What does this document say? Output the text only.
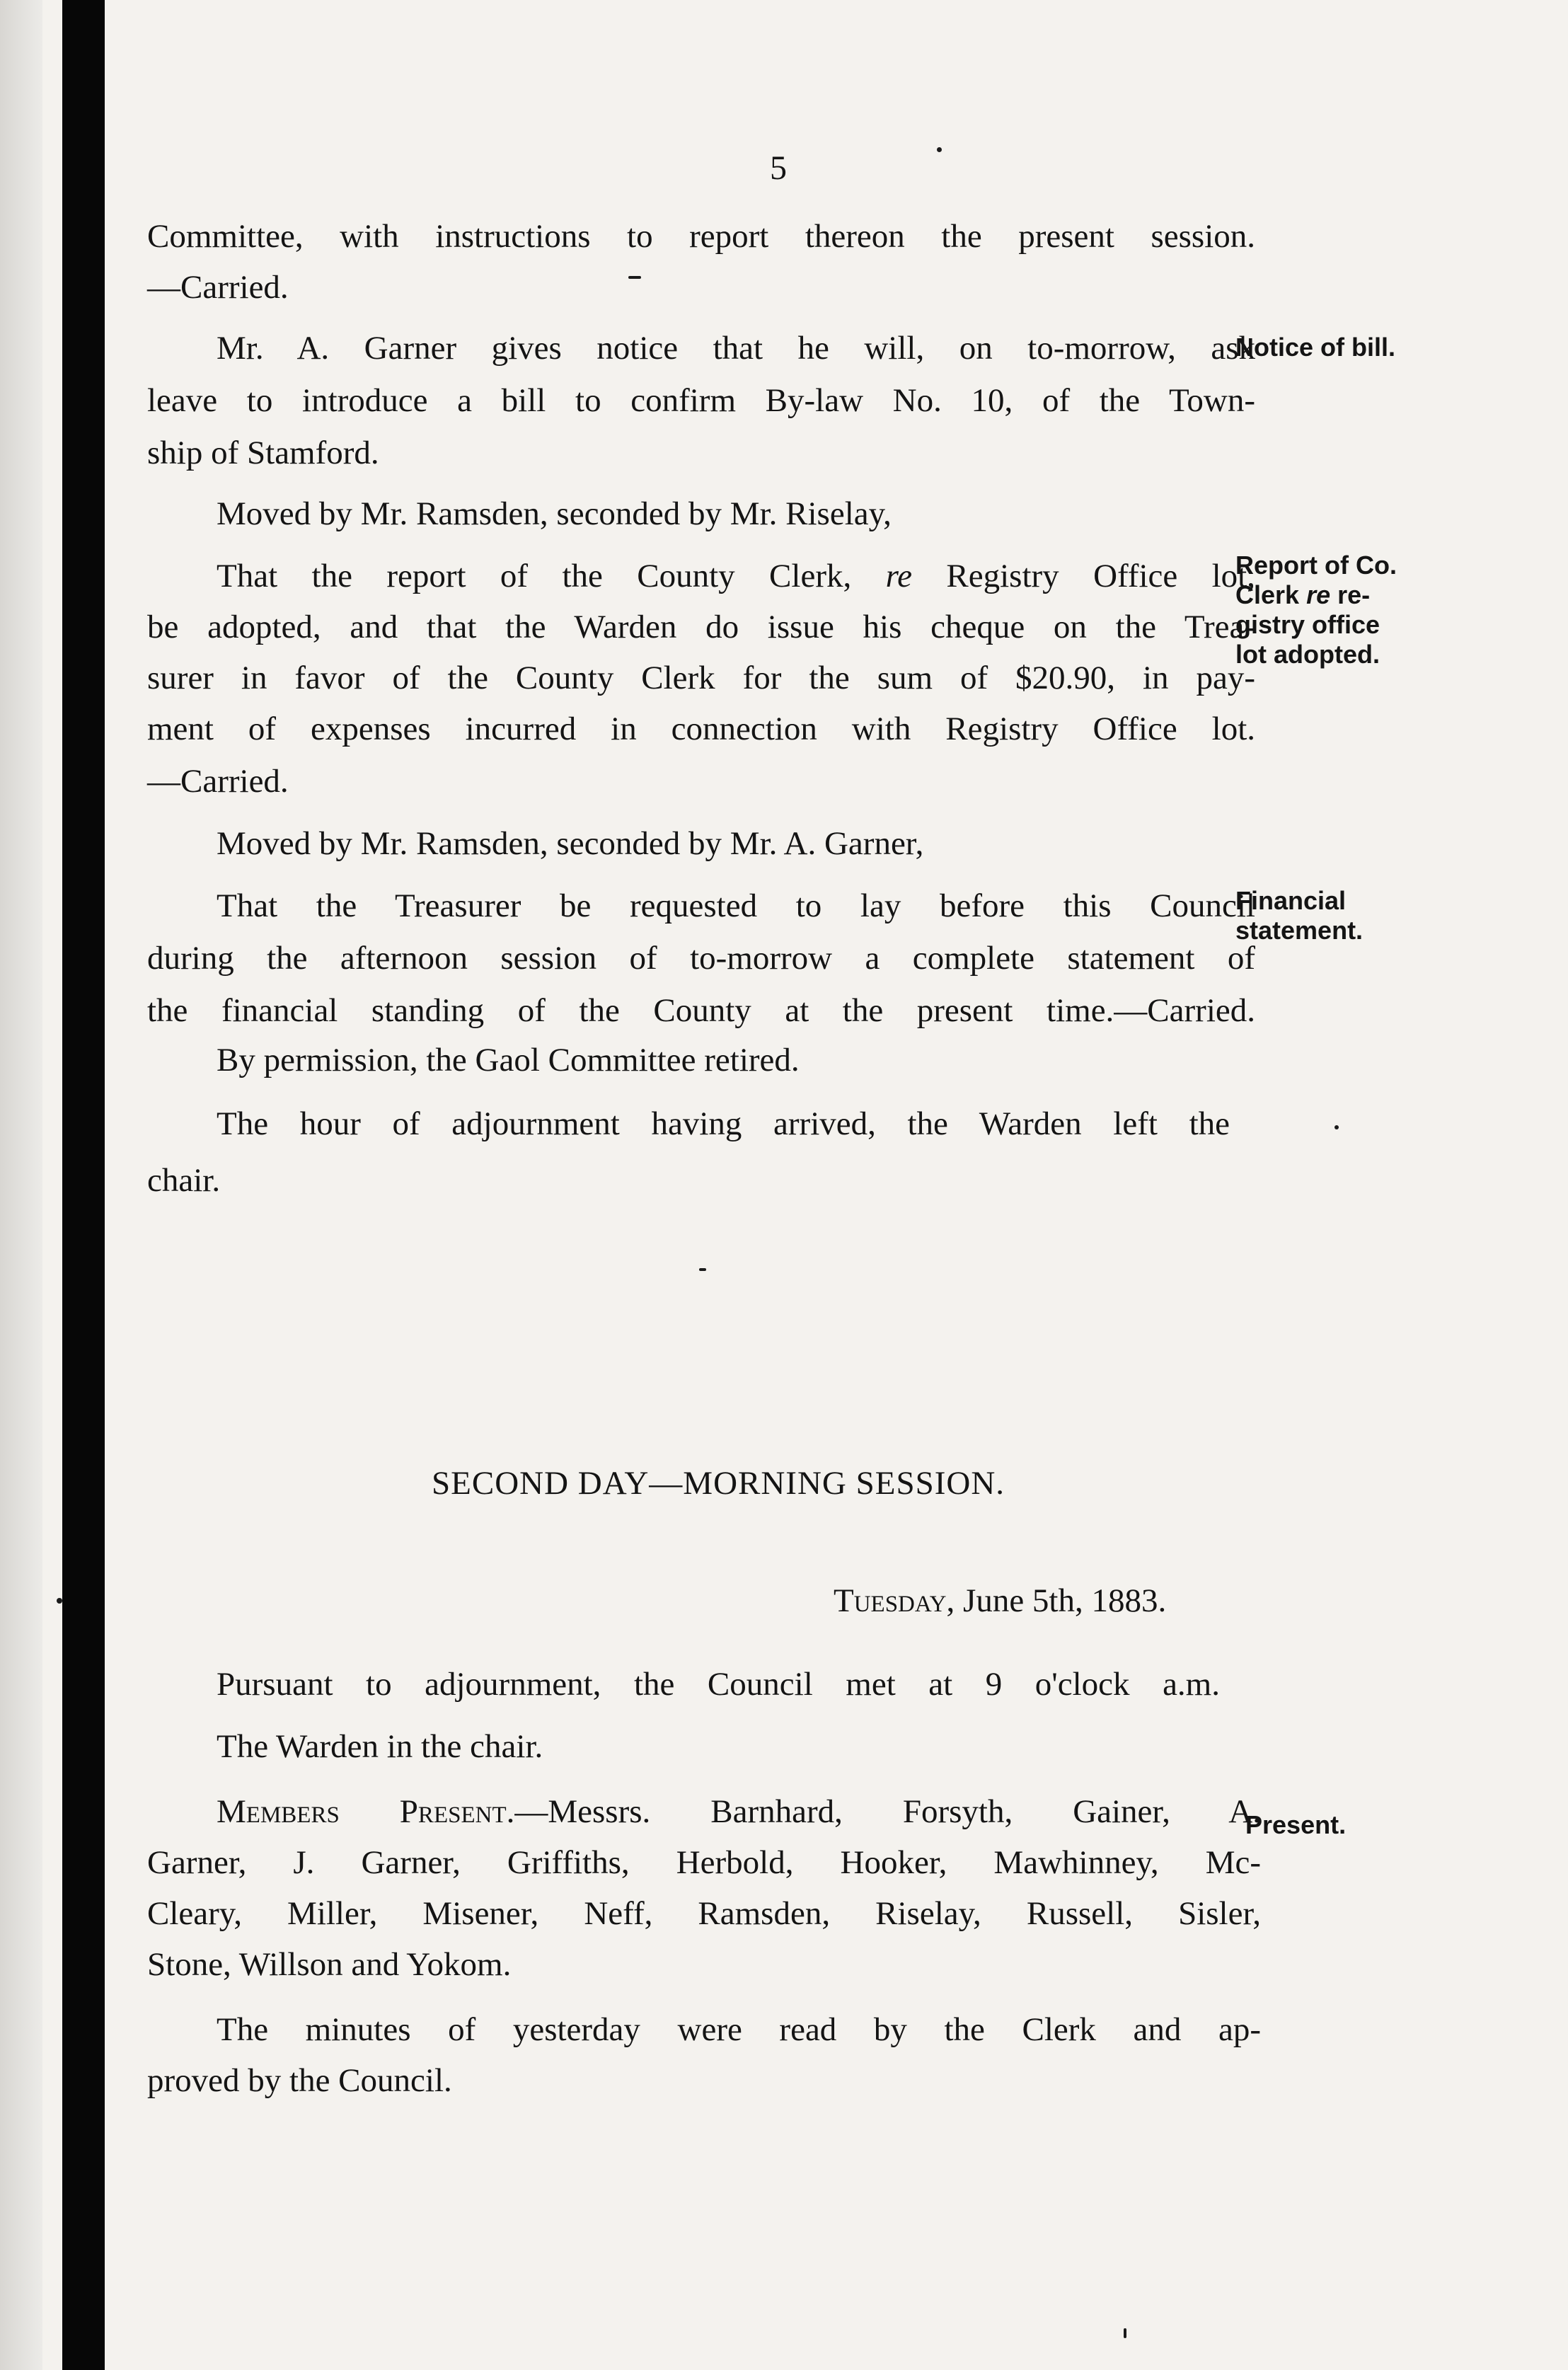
5
Committee, with instructions to report thereon the present session.
—Carried.
Mr. A. Garner gives notice that he will, on to-morrow, ask
leave to introduce a bill to confirm By-law No. 10, of the Town-
ship of Stamford.
Moved by Mr. Ramsden, seconded by Mr. Riselay,
That the report of the County Clerk, re Registry Office lot,
be adopted, and that the Warden do issue his cheque on the Trea-
surer in favor of the County Clerk for the sum of $20.90, in pay-
ment of expenses incurred in connection with Registry Office lot.
—Carried.
Moved by Mr. Ramsden, seconded by Mr. A. Garner,
That the Treasurer be requested to lay before this Council
during the afternoon session of to-morrow a complete statement of
the financial standing of the County at the present time.—Carried.
By permission, the Gaol Committee retired.
The hour of adjournment having arrived, the Warden left the
chair.
SECOND DAY—MORNING SESSION.
Tuesday, June 5th, 1883.
Pursuant to adjournment, the Council met at 9 o'clock a.m.
The Warden in the chair.
Members Present.—Messrs. Barnhard, Forsyth, Gainer, A.
Garner, J. Garner, Griffiths, Herbold, Hooker, Mawhinney, Mc-
Cleary, Miller, Misener, Neff, Ramsden, Riselay, Russell, Sisler,
Stone, Willson and Yokom.
The minutes of yesterday were read by the Clerk and ap-
proved by the Council.
Notice of bill.
Report of Co.
Clerk re re-
gistry office
lot adopted.
Financial
statement.
Present.
